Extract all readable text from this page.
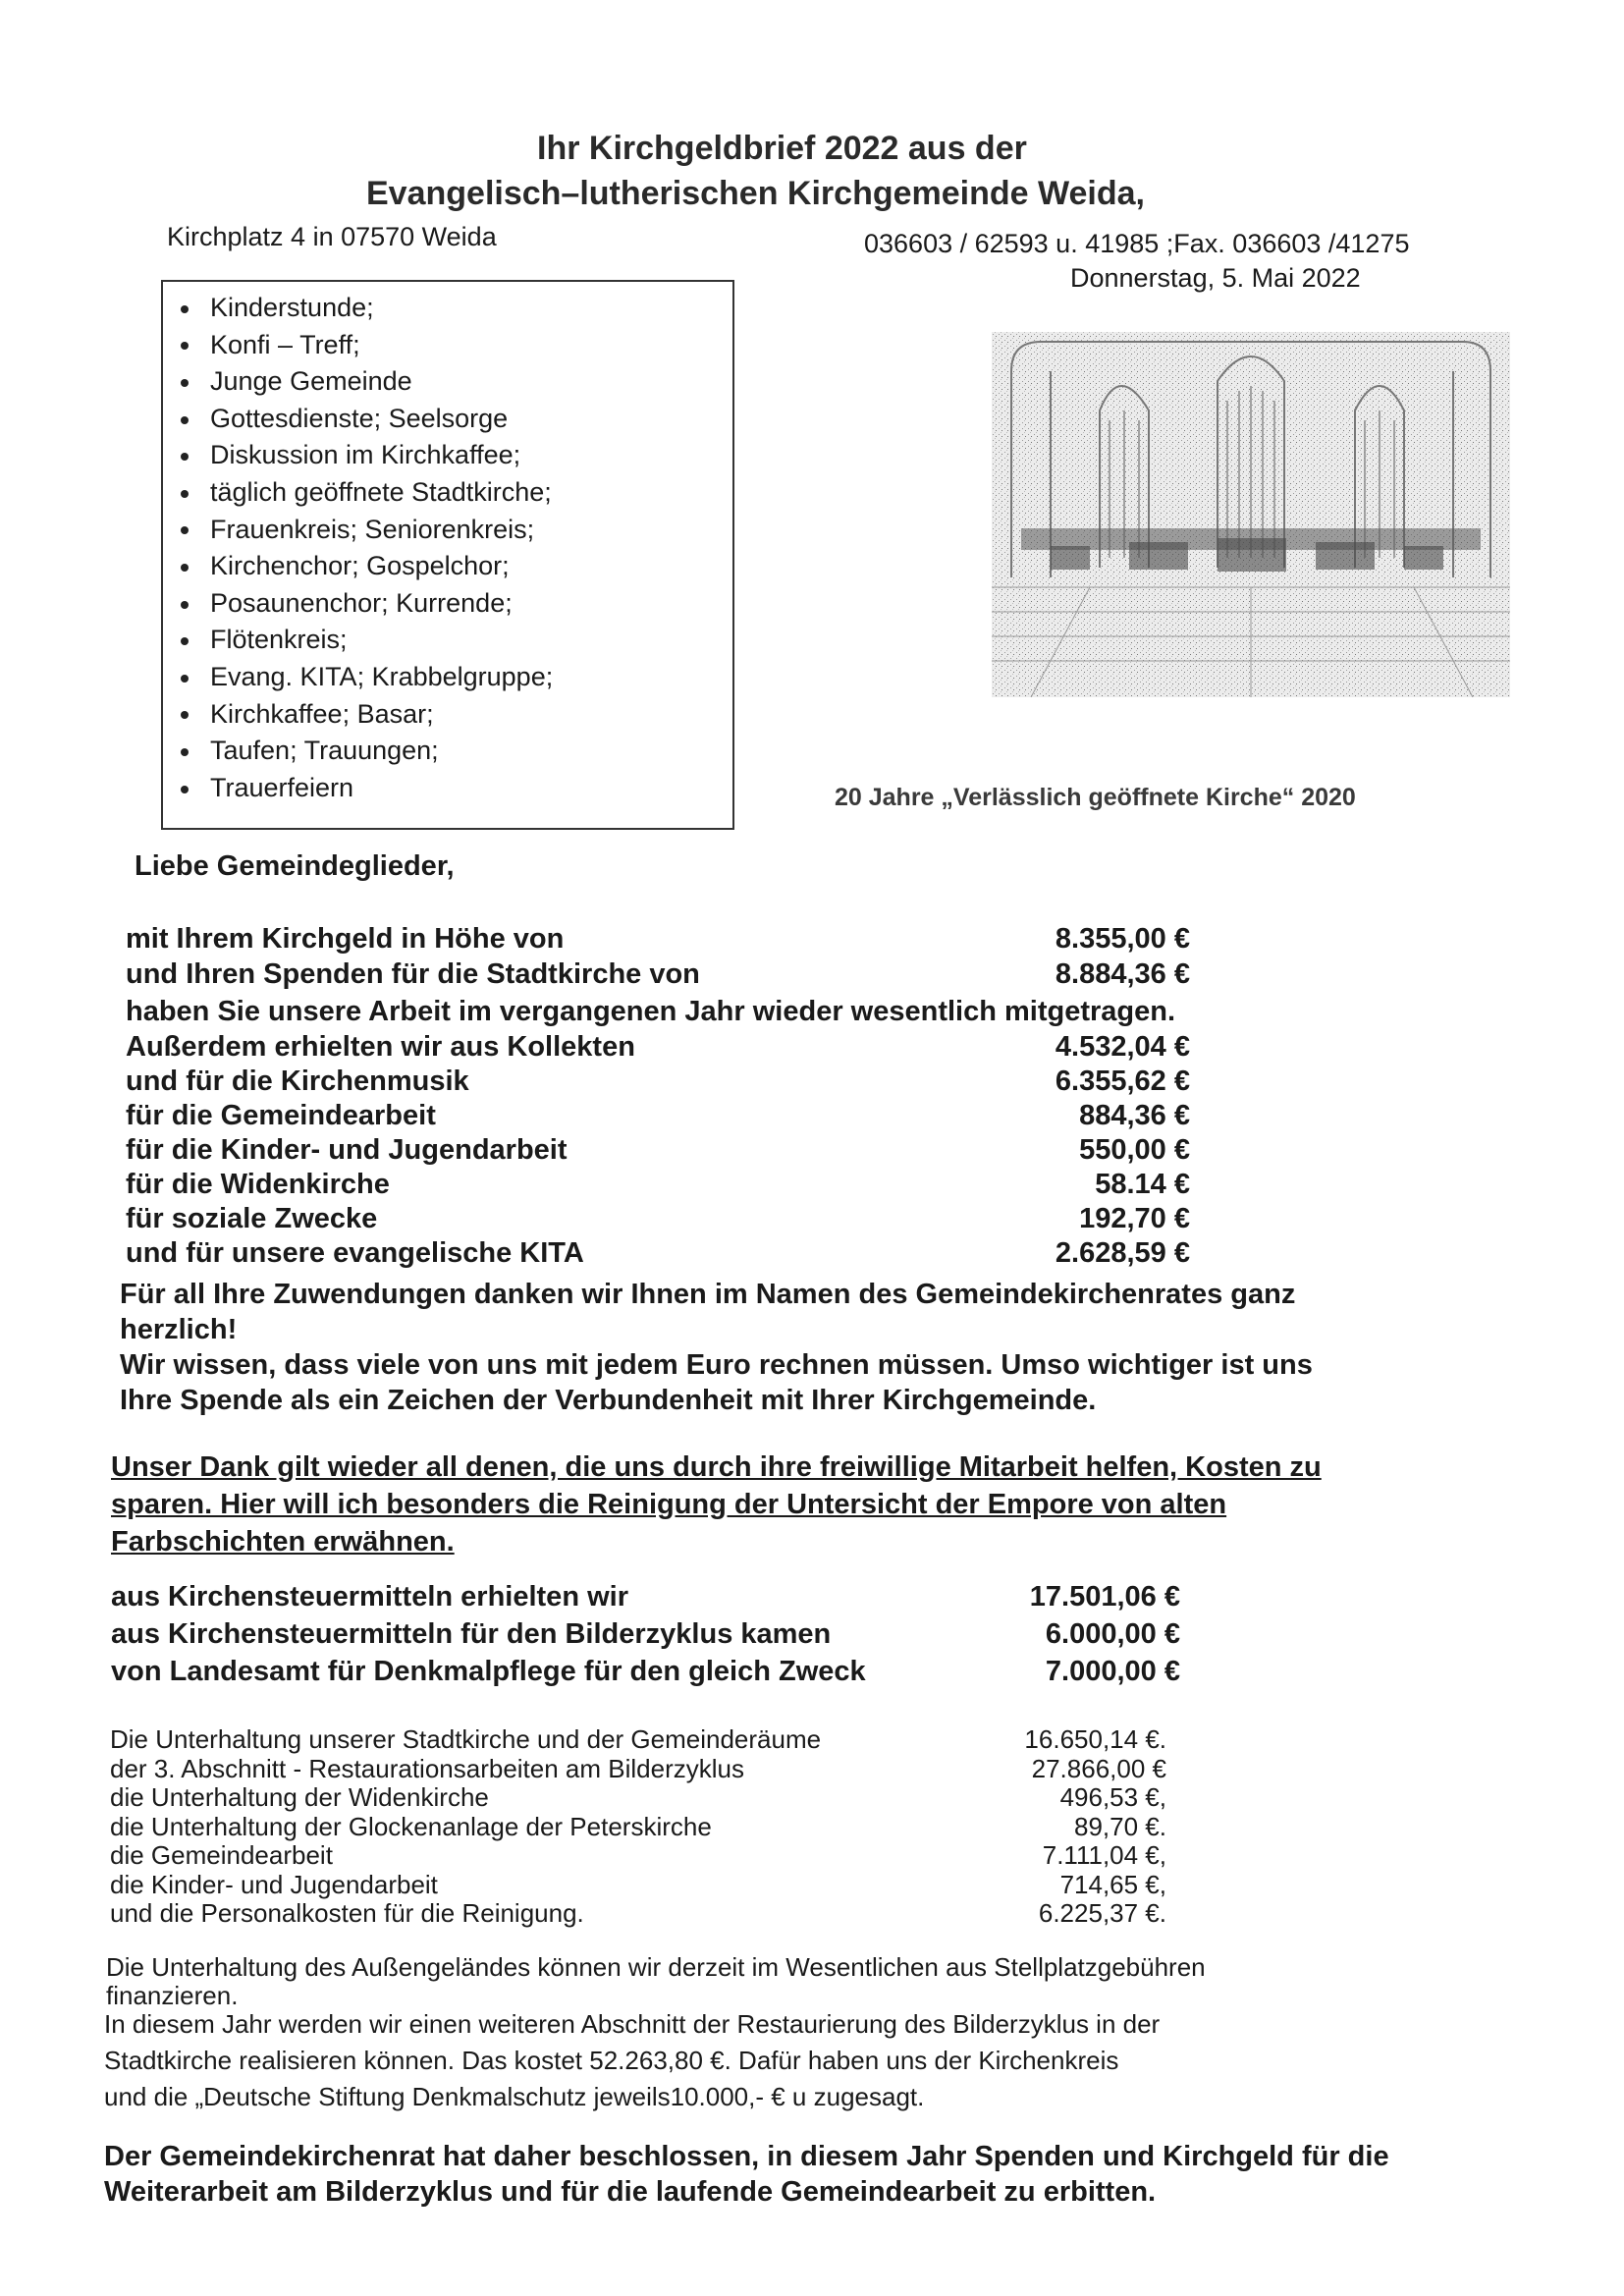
Ihr Kirchgeldbrief 2022 aus der
Evangelisch–lutherischen Kirchgemeinde Weida,
Kirchplatz 4 in 07570 Weida	036603 / 62593 u. 41985 ;Fax. 036603 /41275
Donnerstag, 5. Mai 2022
Kinderstunde;
Konfi – Treff;
Junge Gemeinde
Gottesdienste; Seelsorge
Diskussion im Kirchkaffee;
täglich geöffnete Stadtkirche;
Frauenkreis; Seniorenkreis;
Kirchenchor; Gospelchor;
Posaunenchor; Kurrende;
Flötenkreis;
Evang. KITA; Krabbelgruppe;
Kirchkaffee; Basar;
Taufen; Trauungen;
Trauerfeiern	20 Jahre „Verlässlich geöffnete Kirche“ 2020
Liebe Gemeindeglieder,
mit Ihrem Kirchgeld in Höhe von	8.355,00 €
und Ihren Spenden für die Stadtkirche von	8.884,36 €
haben Sie unsere Arbeit im vergangenen Jahr wieder wesentlich mitgetragen.
Außerdem erhielten wir aus Kollekten	4.532,04 €
und für die Kirchenmusik	6.355,62 €
für die Gemeindearbeit	884,36 €
für die Kinder- und Jugendarbeit	550,00 €
für die Widenkirche	58.14 €
für soziale Zwecke	192,70 €
und für unsere evangelische KITA	2.628,59 €
Für all Ihre Zuwendungen danken wir Ihnen im Namen des Gemeindekirchenrates ganz
herzlich!
Wir wissen, dass viele von uns mit jedem Euro rechnen müssen. Umso wichtiger ist uns
Ihre Spende als ein Zeichen der Verbundenheit mit Ihrer Kirchgemeinde.
Unser Dank gilt wieder all denen, die uns durch ihre freiwillige Mitarbeit helfen, Kosten zu
sparen. Hier will ich besonders die Reinigung der Untersicht der Empore von alten
Farbschichten erwähnen.
aus Kirchensteuermitteln erhielten wir	17.501,06 €
aus Kirchensteuermitteln für den Bilderzyklus kamen	6.000,00 €
von Landesamt für Denkmalpflege für den gleich Zweck	7.000,00 €
Die Unterhaltung unserer Stadtkirche und der Gemeinderäume	16.650,14 €.
der 3. Abschnitt - Restaurationsarbeiten am Bilderzyklus	27.866,00 €
die Unterhaltung der Widenkirche	496,53 €,
die Unterhaltung der Glockenanlage der Peterskirche	89,70 €.
die Gemeindearbeit	7.111,04 €,
die Kinder- und Jugendarbeit	714,65 €,
und die Personalkosten für die Reinigung.	6.225,37 €.
Die Unterhaltung des Außengeländes können wir derzeit im Wesentlichen aus Stellplatzgebühren
finanzieren.
In diesem Jahr werden wir einen weiteren Abschnitt der Restaurierung des Bilderzyklus in der
Stadtkirche realisieren können. Das kostet 52.263,80 €. Dafür haben uns der Kirchenkreis
und die „Deutsche Stiftung Denkmalschutz jeweils10.000,- € u zugesagt.
Der Gemeindekirchenrat hat daher beschlossen, in diesem Jahr Spenden und Kirchgeld für die
Weiterarbeit am Bilderzyklus und für die laufende Gemeindearbeit zu erbitten.
